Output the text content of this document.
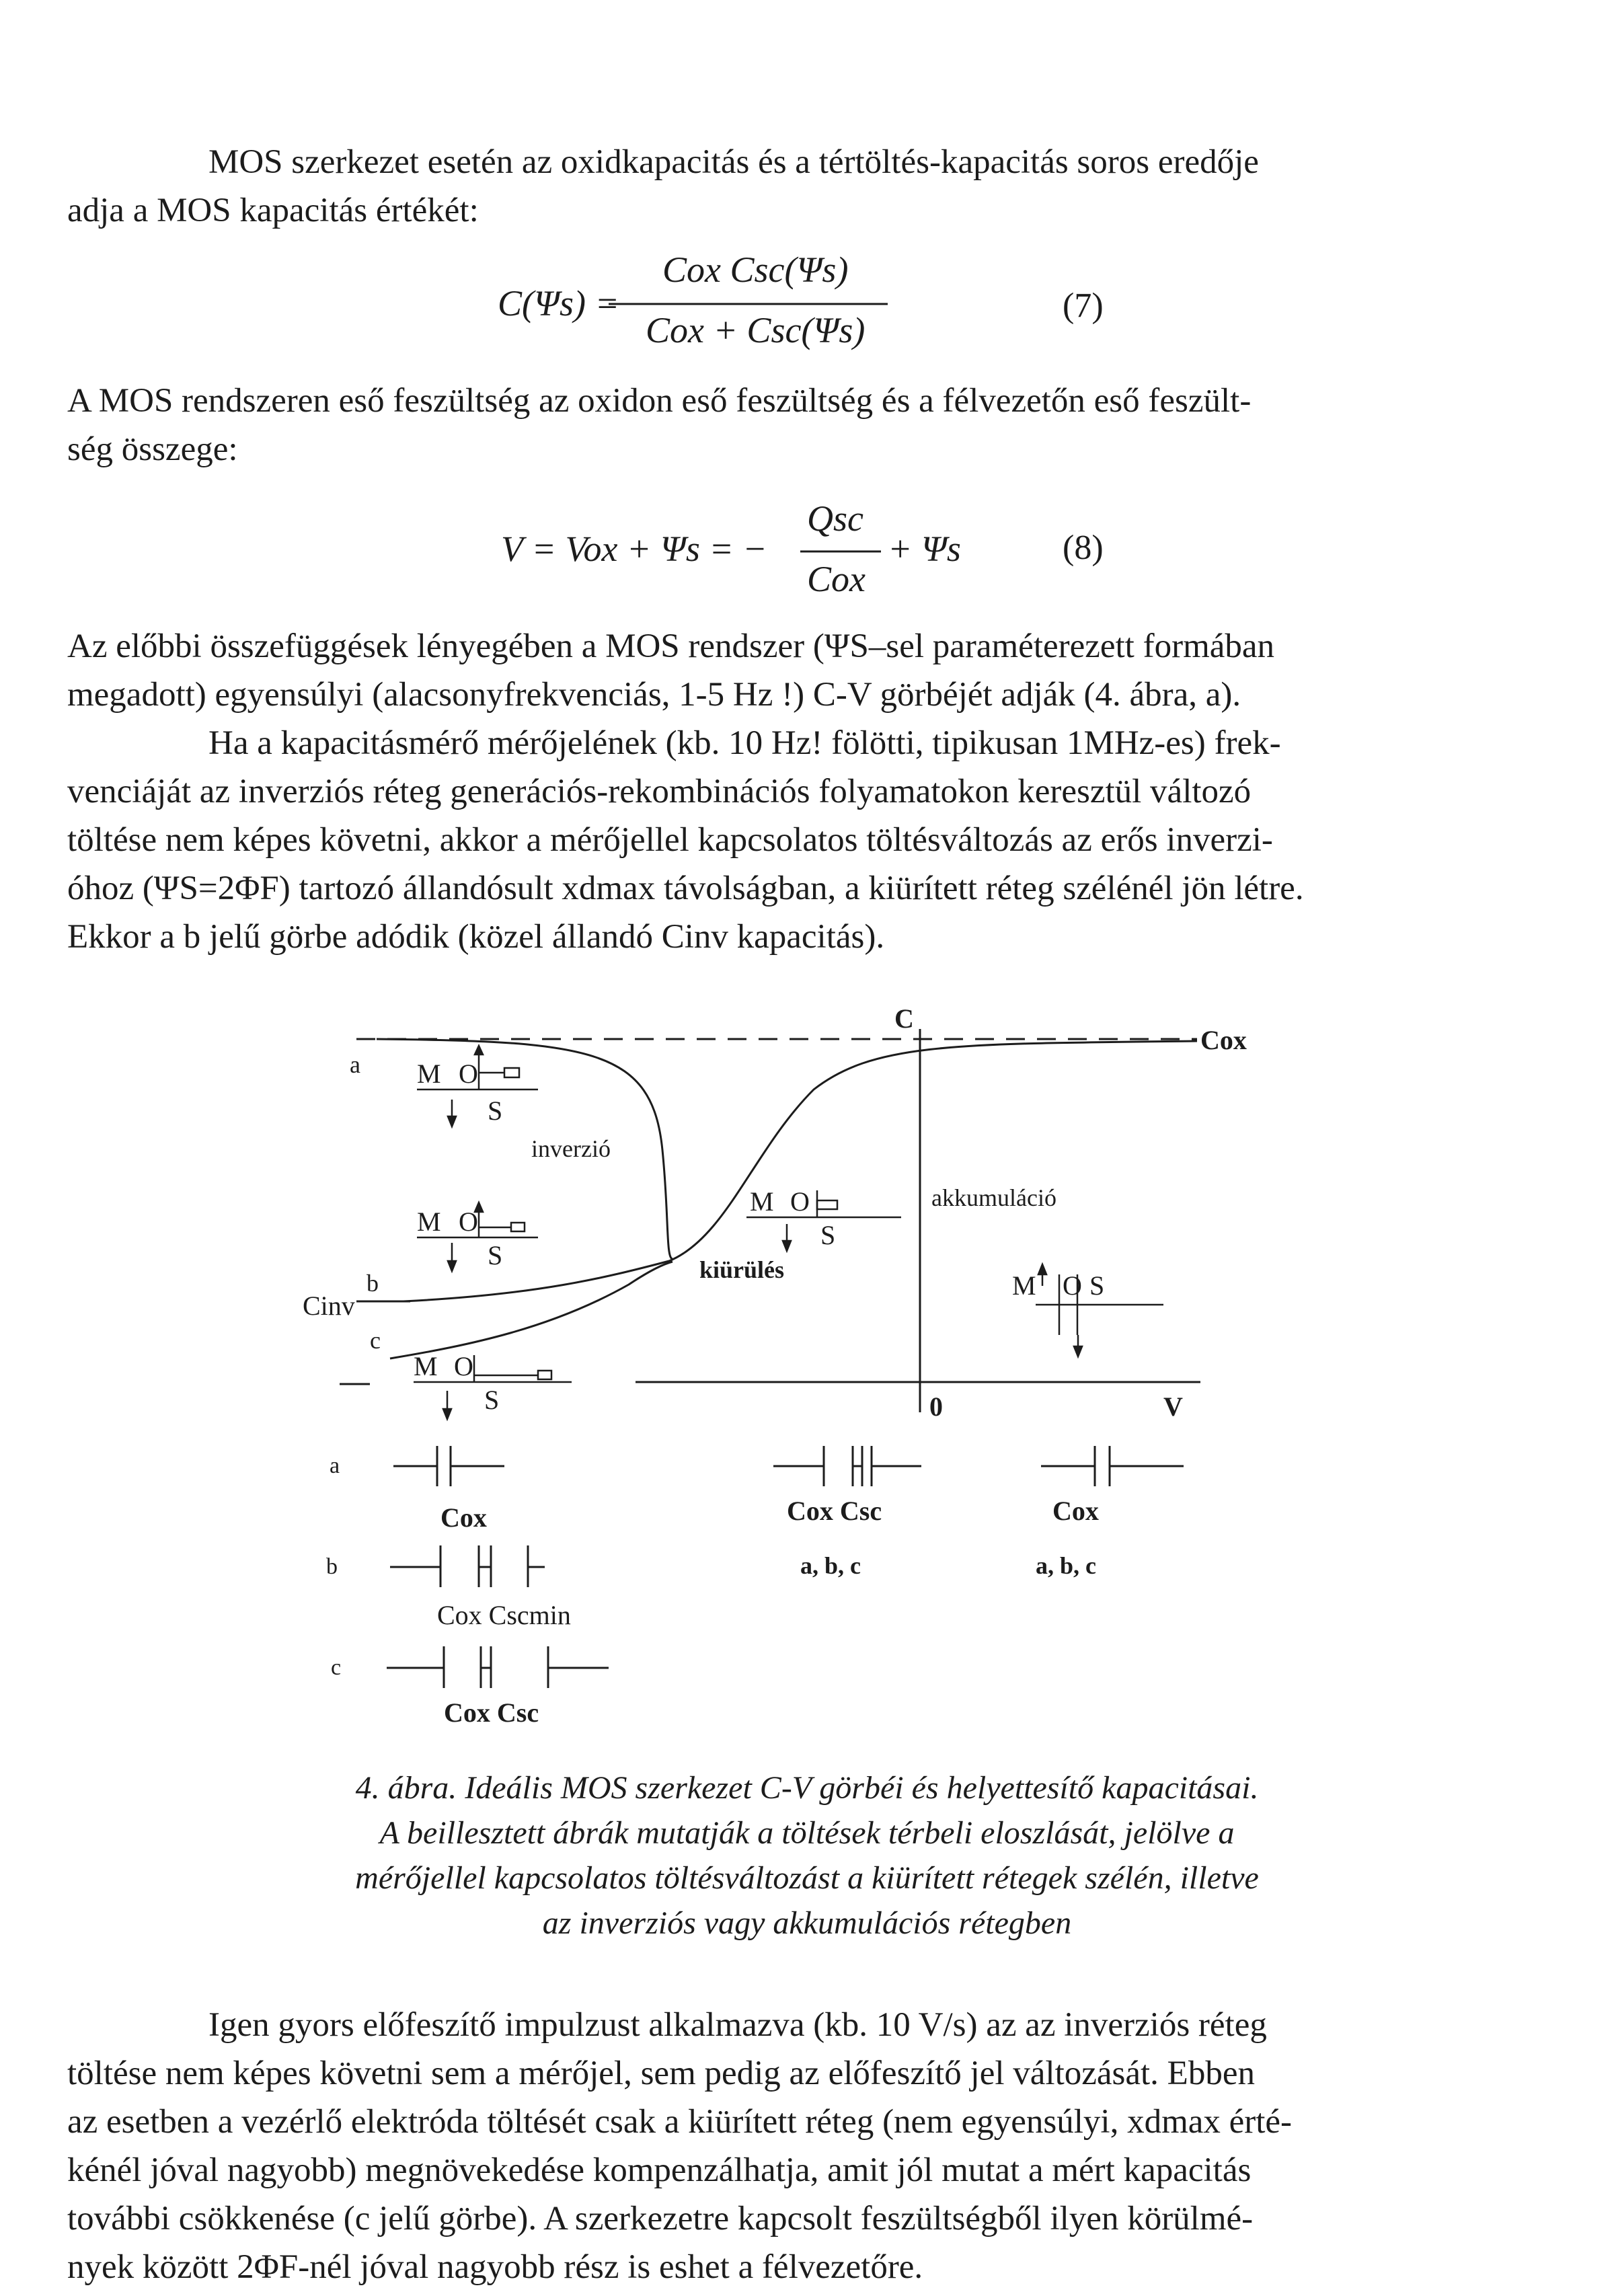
MOS szerkezet esetén az oxidkapacitás és a tértöltés-kapacitás soros eredője
adja a MOS kapacitás értékét:
C(Ψs) =
Cox Csc(Ψs)
Cox + Csc(Ψs)
(7)
A MOS rendszeren eső feszültség az oxidon eső feszültség és a félvezetőn eső feszült-
ség összege:
V = Vox + Ψs = −
Qsc
Cox
+ Ψs	(8)
Az előbbi összefüggések lényegében a MOS rendszer (ΨS–sel paraméterezett formában
megadott) egyensúlyi (alacsonyfrekvenciás, 1-5 Hz !) C-V görbéjét adják (4. ábra, a).
Ha a kapacitásmérő mérőjelének (kb. 10 Hz! fölötti, tipikusan 1MHz-es) frek-
venciáját az inverziós réteg generációs-rekombinációs folyamatokon keresztül változó
töltése nem képes követni, akkor a mérőjellel kapcsolatos töltésváltozás az erős inverzi-
óhoz (ΨS=2ΦF) tartozó állandósult xdmax távolságban, a kiürített réteg szélénél jön létre.
Ekkor a b jelű görbe adódik (közel állandó Cinv kapacitás).
C
Cox
a M O
S
inverzió
M O
S
M O
S
kiürülés
akkumuláció
b
Cinv
c
M O
S
M O S
0	V
a
Cox
b
Cox Cscmin
c
Cox Csc
Cox Csc
a, b, c
Cox
a, b, c
4. ábra. Ideális MOS szerkezet C-V görbéi és helyettesítő kapacitásai.
A beillesztett ábrák mutatják a töltések térbeli eloszlását, jelölve a
mérőjellel kapcsolatos töltésváltozást a kiürített rétegek szélén, illetve
az inverziós vagy akkumulációs rétegben
Igen gyors előfeszítő impulzust alkalmazva (kb. 10 V/s) az az inverziós réteg
töltése nem képes követni sem a mérőjel, sem pedig az előfeszítő jel változását. Ebben
az esetben a vezérlő elektróda töltését csak a kiürített réteg (nem egyensúlyi, xdmax érté-
kénél jóval nagyobb) megnövekedése kompenzálhatja, amit jól mutat a mért kapacitás
további csökkenése (c jelű görbe). A szerkezetre kapcsolt feszültségből ilyen körülmé-
nyek között 2ΦF-nél jóval nagyobb rész is eshet a félvezetőre.
